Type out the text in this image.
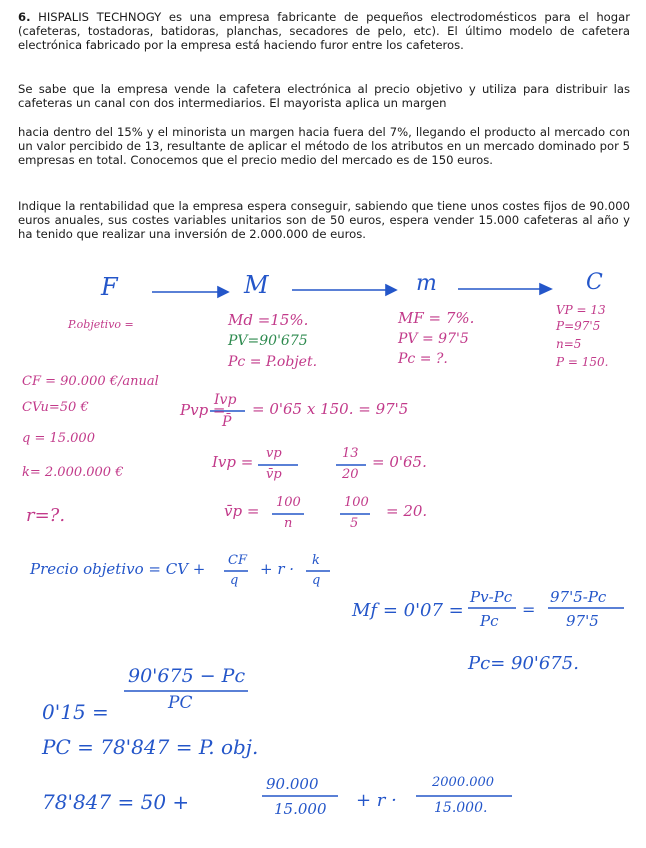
6. HISPALIS TECHNOGY es una empresa fabricante de pequeños electrodomésticos para el hogar (cafeteras, tostadoras, batidoras, planchas, secadores de pelo, etc). El último modelo de cafetera electrónica fabricado por la empresa está haciendo furor entre los cafeteros.

Se sabe que la empresa vende la cafetera electrónica al precio objetivo y utiliza para distribuir las cafeteras un canal con dos intermediarios. El mayorista aplica un margen

hacia dentro del 15% y el minorista un margen hacia fuera del 7%, llegando el producto al mercado con un valor percibido de 13, resultante de aplicar el método de los atributos en un mercado dominado por 5 empresas en total. Conocemos que el precio medio del mercado es de 150 euros.

Indique la rentabilidad que la empresa espera conseguir, sabiendo que tiene unos costes fijos de 90.000 euros anuales, sus costes variables unitarios son de 50 euros, espera vender 15.000 cafeteras al año y ha tenido que realizar una inversión de 2.000.000 de euros.

F	M	m	C
P.objetivo =	Md =15%.
PV=90'675
Pc = P.objet.
MF = 7%.
PV = 97'5
Pc = ?.
VP = 13
P=97'5
n=5
P = 150.
CF = 90.000 €/anual
CVu=50 €
q = 15.000
k= 2.000.000 €
r=?.
Pvp =
Ivp
P̄
= 0'65 x 150. = 97'5
Ivp = vp
v̄p
13
20
= 0'65.
v̄p = 100
n
100
5
= 20.
Precio objetivo = CV + CF
q
+ r · k
q
Mf = 0'07 =
Pv-Pc
Pc
=
97'5-Pc
97'5
Pc= 90'675.
0'15 =
90'675 − Pc
PC
PC = 78'847 = P. obj.
78'847 = 50 +
90.000
15.000 + r ·
2000.000
15.000.
